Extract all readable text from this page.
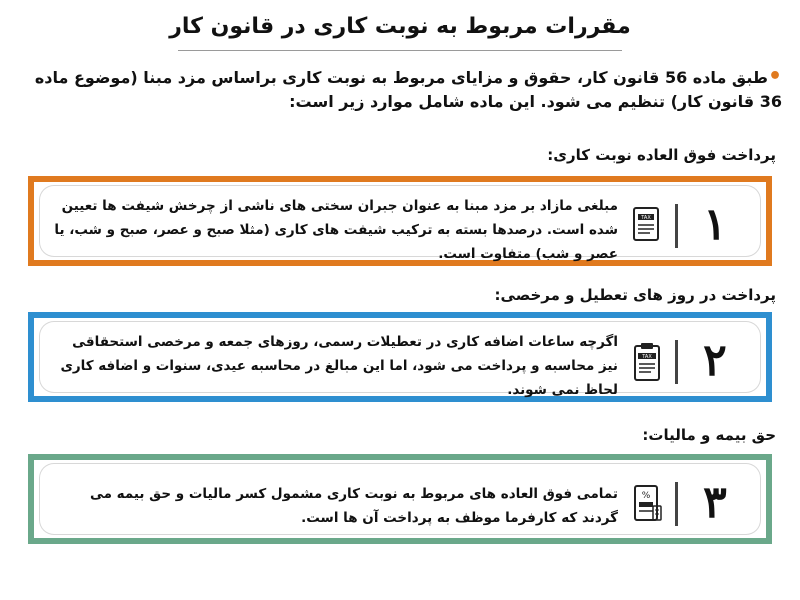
مقررات مربوط به نوبت کاری در قانون کار
•طبق ماده 56 قانون کار، حقوق و مزایای مربوط به نوبت کاری براساس مزد مبنا (موضوع ماده 36 قانون کار) تنظیم می شود. این ماده شامل موارد زیر است:
پرداخت فوق العاده نوبت کاری:
مبلغی مازاد بر مزد مبنا به عنوان جبران سختی های ناشی از چرخش شیفت ها تعیین شده است. درصدها بسته به ترکیب شیفت های کاری (مثلا صبح و عصر، صبح و شب، یا عصر و شب) متفاوت است.
TAX	۱
پرداخت در روز های تعطیل و مرخصی:
اگرچه ساعات اضافه کاری در تعطیلات رسمی، روزهای جمعه و مرخصی استحقاقی نیز محاسبه و پرداخت می شود، اما این مبالغ در محاسبه عیدی، سنوات و اضافه کاری لحاظ نمی شوند.
TAX	۲
حق بیمه و مالیات:
تمامی فوق العاده های مربوط به نوبت کاری مشمول کسر مالیات و حق بیمه می گردند که کارفرما موظف به پرداخت آن ها است.
%	۳
